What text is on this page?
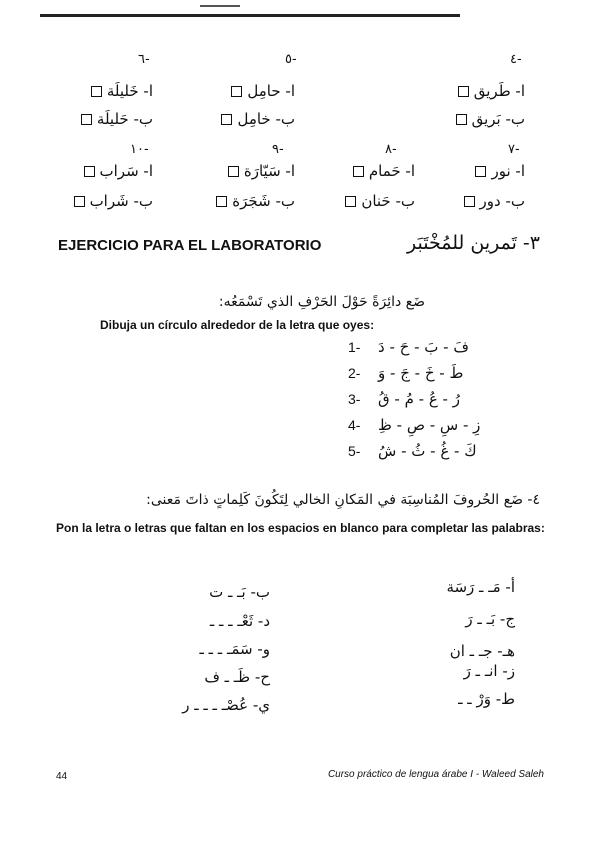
٤-
٥-
٦-
ا- طَريق
ا- حامِل
ا- خَليلَة
ب- بَريق
ب- خامِل
ب- حَليلَة
٧-
٨-
٩-
١٠-
ا- نور
ا- حَمام
ا- سَيّارَة
ا- سَراب
ب- دور
ب- حَنان
ب- شَجَرَة
ب- شَراب
٣- تَمرين للمُخْتَبَر
EJERCICIO PARA EL LABORATORIO
ضَع دائِرَةً حَوْلَ الحَرْفِ الذي تَسْمَعُه:
Dibuja un círculo alrededor de la letra que oyes:
1- فَ - بَ - حَ - دَ
2- طَ - خَ - جَ - وَ
3- رُ - عُ - مُ - قُ
4- زِ - سِ - صِ - ظِ
5- كَ - غُ - ثُ - شُ
٤- ضَع الحُروفَ المُناسِبَة في المَكانِ الخالي لِتَكُونَ كَلِماتٍ ذاتَ مَعنى:
Pon la letra o letras que faltan en los espacios en blanco para completar las palabras:
أ- مَـ ـ رَسَة
ج- بَـ ـ رَ
هـ- جـ ـ ان
ز- انـ ـ رَ
ط- وَرْ ـ ـ
ب- بَـ ـ ت
د- ثَعْـ ـ ـ ـ
و- سَمَـ ـ ـ ـ
ح- ظَـ ـ ف
ي- عُصْـ ـ ـ ـ ر
44	Curso práctico de lengua árabe I - Waleed Saleh
